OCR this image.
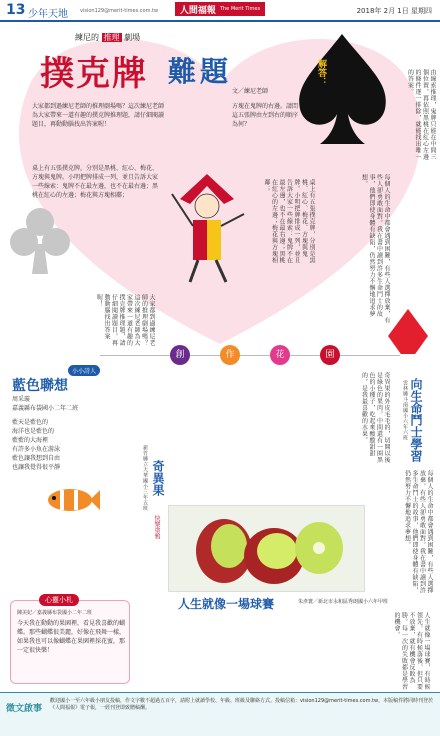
13 少年天地 vision129@merit-times.com.tw 人間福報 The Merit Times	2018年 2月 1日 星期四
練尼的 推理 劇場
撲克牌 難題
文／練尼老師
解答：	由線索推理，鬼牌只能在中間三個位置，再依照黑桃在紅心左邊的條件逐一排除，就能找出唯一的答案。
大家都到過練尼老師的推理劇場嗎？這次練尼老師為大家帶來一道有趣的撲克牌推理題，請仔細閱讀題目，再動動腦找出答案喔！
桌上有五張撲克牌，分別是黑桃、紅心、梅花、方塊與鬼牌。小明把牌排成一列，並且告訴大家一些線索：鬼牌不在最左邊，也不在最右邊；黑桃在紅心的左邊；梅花與方塊相鄰；
方塊在鬼牌的右邊。請問這五張牌由左到右的順序為何？
大家都到過練尼老師的推理劇場嗎？這次練尼老師為大家帶來一道有趣的撲克牌推理題，請仔細閱讀題目，再動動腦找出答案喔！
桌上有五張撲克牌，分別是黑桃、紅心、梅花、方塊與鬼牌。小明把牌排成一列，並且告訴大家一些線索：鬼牌不在最左邊，也不在最右邊；黑桃在紅心的左邊；梅花與方塊相鄰；	每個人的生命中都會遇到困難，有些人選擇放棄，有些人卻勇敢面對。我在書中讀到許多生命鬥士的故事，他們即使身體有缺陷，仍然努力不懈地追求夢想。
創	作	花	園
小小詩人
藍色聯想
周采璇
嘉義縣布袋國小二年二班
藍天是藍色的
海洋也是藍色的
藍藍的大海裡
有許多小魚在游泳
藍色讓我想到自由
也讓我覺得很平靜	奇異果
新竹縣立大華國小三年五班
快樂塗鴉
奇異果的外皮毛毛的，切開以後是綠色的果肉，中間還有一圈黑色的小種子，吃起來酸酸甜甜的，是我最喜歡的水果。	向生命鬥士學習
雲林縣斗南國小六年六班
每個人的生命中都會遇到困難，有些人選擇放棄，有些人卻勇敢面對。我在書中讀到許多生命鬥士的故事，他們即使身體有缺陷，仍然努力不懈地追求夢想。
心靈小札
陳美妃／嘉義縣布袋國小二年二班
今天我在動動的果園裡，看見我喜歡的蝴蝶。那些蝴蝶很美麗，好像在飛舞一樣，如果我也可以像蝴蝶在果園裡採花蜜，那一定很快樂！
人生就像一場球賽	朱彥寰／新北市永和區秀朗國小六年甲班
人生就像一場球賽，有時候領先，有時候落後，但只要不放棄，就有機會反敗為勝。每一次的失敗都是學習的機會。
徵文啟事
歡迎國小一至六年級小朋友投稿，作文字數不超過五百字，請附上就讀學校、年級、班級及聯絡方式。投稿信箱：vision129@merit-times.com.tw，本版稿件將同時刊登於《人間福報》電子報，一經刊登即致贈稿酬。
